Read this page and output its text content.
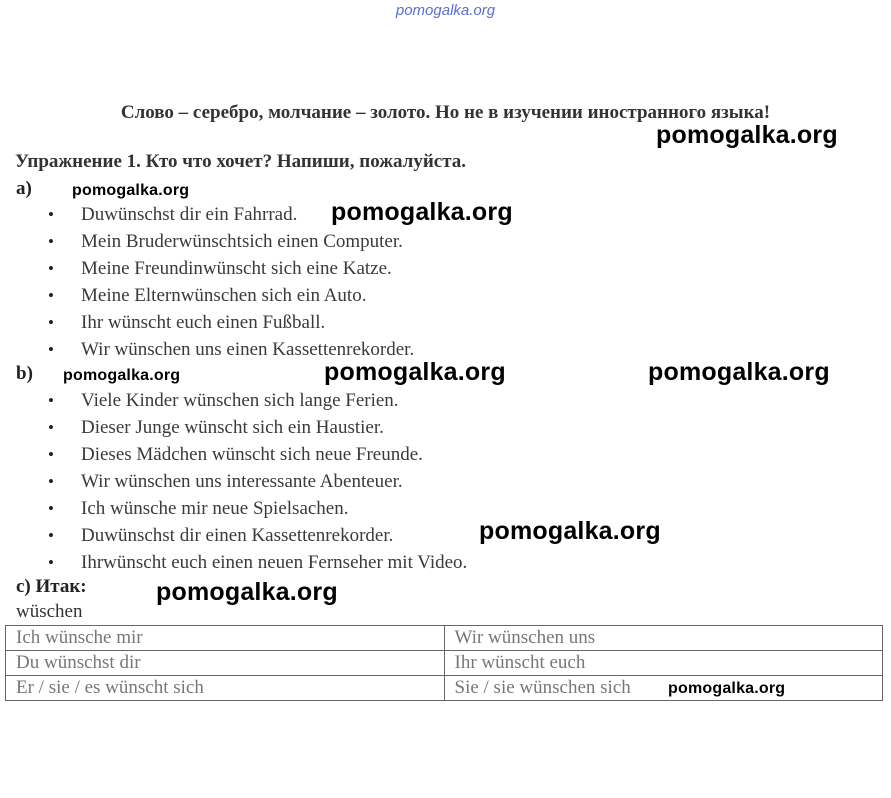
pomogalka.org
Слово – серебро, молчание – золото. Но не в изучении иностранного языка!
Упражнение 1. Кто что хочет? Напиши, пожалуйста.
a)
• Duwünschst dir ein Fahrrad.
• Mein Bruderwünschtsich einen Computer.
• Meine Freundinwünscht sich eine Katze.
• Meine Elternwünschen sich ein Auto.
• Ihr wünscht euch einen Fußball.
• Wir wünschen uns einen Kassettenrekorder.
b)
• Viele Kinder wünschen sich lange Ferien.
• Dieser Junge wünscht sich ein Haustier.
• Dieses Mädchen wünscht sich neue Freunde.
• Wir wünschen uns interessante Abenteuer.
• Ich wünsche mir neue Spielsachen.
• Duwünschst dir einen Kassettenrekorder.
• Ihrwünscht euch einen neuen Fernseher mit Video.
c) Итак:
wüschen
Ich wünsche mir	Wir wünschen uns
Du wünschst dir	Ihr wünscht euch
Er / sie / es wünscht sich	Sie / sie wünschen sich
pomogalka.org
pomogalka.org
pomogalka.org
pomogalka.org	pomogalka.org	pomogalka.org
pomogalka.org
pomogalka.org
pomogalka.org
